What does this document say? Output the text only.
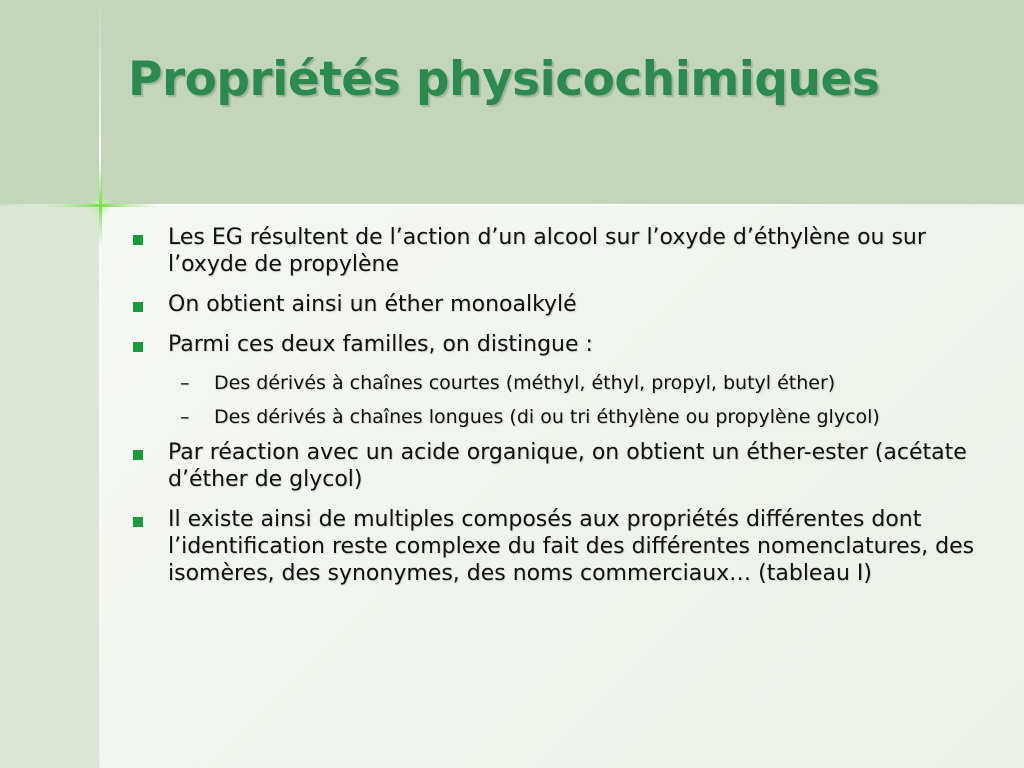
Propriétés physicochimiques
Les EG résultent de l’action d’un alcool sur l’oxyde d’éthylène ou sur l’oxyde de propylène
On obtient ainsi un éther monoalkylé
Parmi ces deux familles, on distingue :
– Des dérivés à chaînes courtes (méthyl, éthyl, propyl, butyl éther)
– Des dérivés à chaînes longues (di ou tri éthylène ou propylène glycol)
Par réaction avec un acide organique, on obtient un éther-ester (acétate d’éther de glycol)
Il existe ainsi de multiples composés aux propriétés différentes dont l’identification reste complexe du fait des différentes nomenclatures, des isomères, des synonymes, des noms commerciaux… (tableau I)
